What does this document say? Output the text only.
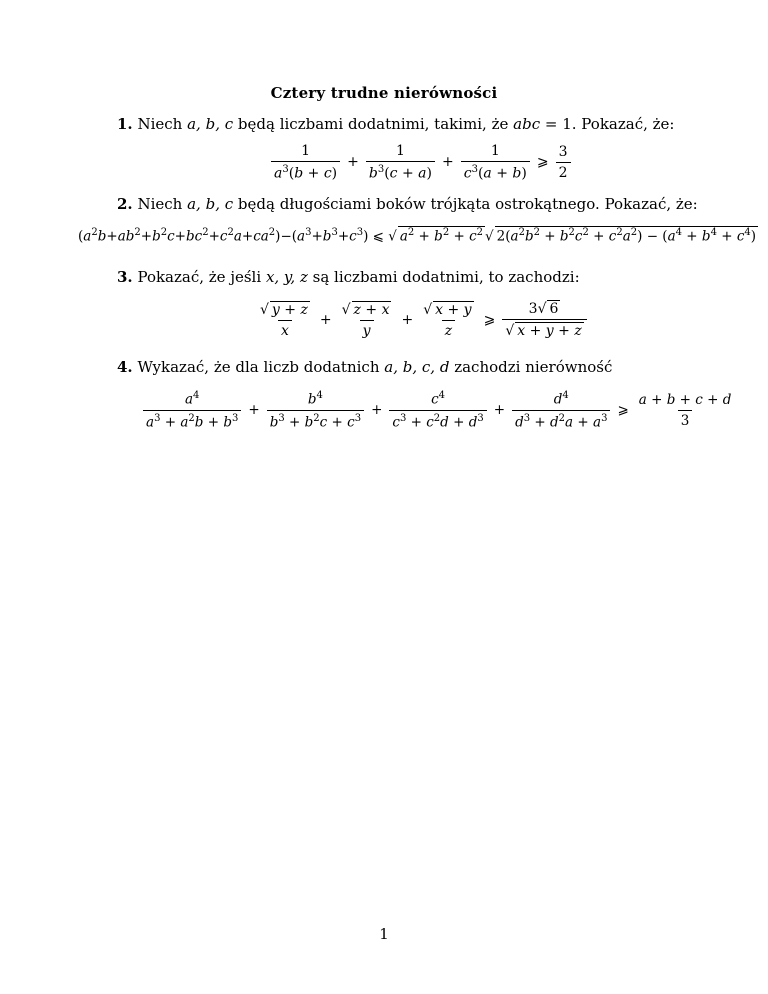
Cztery trudne nierówności
1. Niech a, b, c będą liczbami dodatnimi, takimi, że abc = 1. Pokazać, że:
$\frac{1}{a^3(b + c)} + \frac{1}{b^3(c + a)} + \frac{1}{c^3(a + b)}$ ⩾ $\frac{3}{2}$
2. Niech a, b, c będą długościami boków trójkąta ostrokątnego. Pokazać, że:
$(a^2b+ab^2+b^2c+bc^2+c^2a+ca^2)-(a^3+b^3+c^3)$ ⩽ √ $a^2 + b^2 + c^2$ √ $2(a^2b^2 + b^2c^2 + c^2a^2) - (a^4 + b^4 + c^4)$
3. Pokazać, że jeśli x, y, z są liczbami dodatnimi, to zachodzi:
$\frac{√ y + z}{x} + \frac{√ z + x}{y} + \frac{√ x + y}{z}$ ⩾ $\frac{3√ 6}{√ x + y + z}$
4. Wykazać, że dla liczb dodatnich a, b, c, d zachodzi nierówność
$\frac{a^4}{a^3 + a^2b + b^3} + \frac{b^4}{b^3 + b^2c + c^3} + \frac{c^4}{c^3 + c^2d + d^3} + \frac{d^4}{d^3 + d^2a + a^3}$ ⩾ $\frac{a + b + c + d}{3}$
1
